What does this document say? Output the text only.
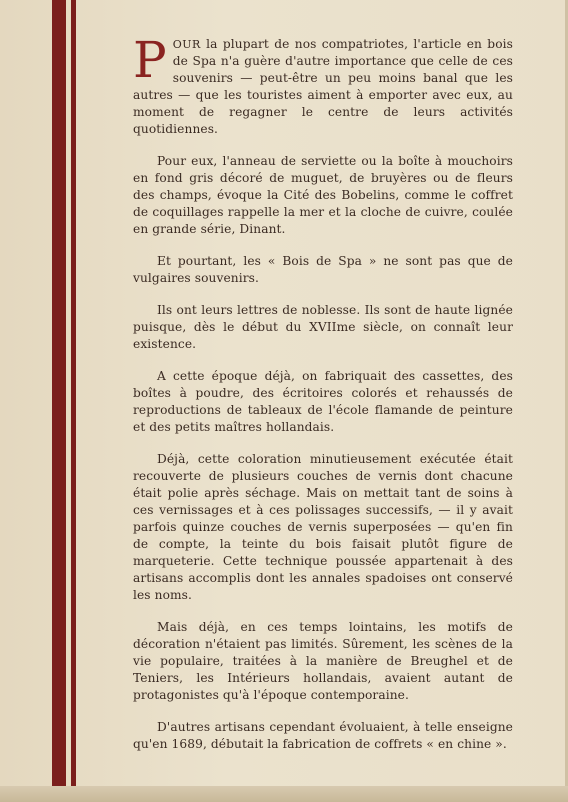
POUR la plupart de nos compatriotes, l'article en bois de Spa n'a guère d'autre importance que celle de ces souvenirs — peut-être un peu moins banal que les autres — que les touristes aiment à emporter avec eux, au moment de regagner le centre de leurs activités quotidiennes.

Pour eux, l'anneau de serviette ou la boîte à mouchoirs en fond gris décoré de muguet, de bruyères ou de fleurs des champs, évoque la Cité des Bobelins, comme le coffret de coquillages rappelle la mer et la cloche de cuivre, coulée en grande série, Dinant.

Et pourtant, les « Bois de Spa » ne sont pas que de vulgaires souvenirs.

Ils ont leurs lettres de noblesse. Ils sont de haute lignée puisque, dès le début du XVIIme siècle, on connaît leur existence.

A cette époque déjà, on fabriquait des cassettes, des boîtes à poudre, des écritoires colorés et rehaussés de reproductions de tableaux de l'école flamande de peinture et des petits maîtres hollandais.

Déjà, cette coloration minutieusement exécutée était recouverte de plusieurs couches de vernis dont chacune était polie après séchage. Mais on mettait tant de soins à ces vernissages et à ces polissages successifs, — il y avait parfois quinze couches de vernis superposées — qu'en fin de compte, la teinte du bois faisait plutôt figure de marqueterie. Cette technique poussée appartenait à des artisans accomplis dont les annales spadoises ont conservé les noms.

Mais déjà, en ces temps lointains, les motifs de décoration n'étaient pas limités. Sûrement, les scènes de la vie populaire, traitées à la manière de Breughel et de Teniers, les Intérieurs hollandais, avaient autant de protagonistes qu'à l'époque contemporaine.

D'autres artisans cependant évoluaient, à telle enseigne qu'en 1689, débutait la fabrication de coffrets « en chine ».
